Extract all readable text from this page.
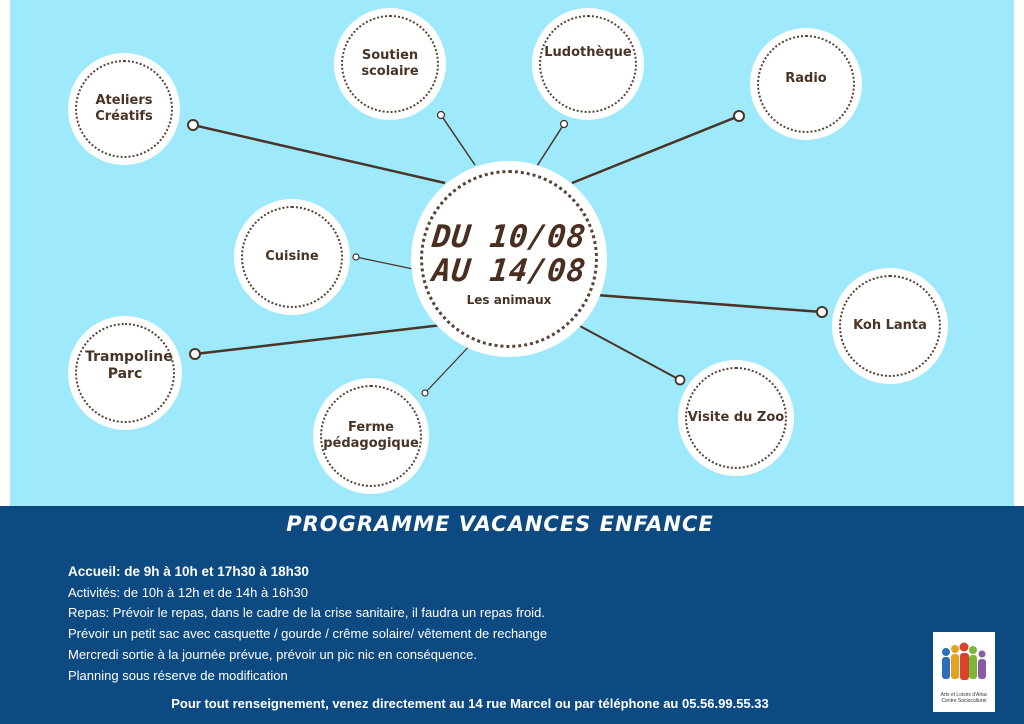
Ateliers Créatifs
Soutien scolaire
Ludothèque
Radio
Cuisine
Koh Lanta
Trampoline Parc
Ferme pédagogique
Visite du Zoo
DU 10/08
AU 14/08
Les animaux
PROGRAMME VACANCES ENFANCE
Accueil: de 9h à 10h et 17h30 à 18h30
Activités: de 10h à 12h et de 14h à 16h30
Repas: Prévoir le repas, dans le cadre de la crise sanitaire, il faudra un repas froid.
Prévoir un petit sac avec casquette / gourde / crême solaire/ vêtement de rechange
Mercredi sortie à la journée prévue, prévoir un pic nic en conséquence.
Planning sous réserve de modification
Pour tout renseignement, venez directement au 14 rue Marcel ou par téléphone au 05.56.99.55.33
Arts et Loisirs d'Arlac
Centre Socioculturel
